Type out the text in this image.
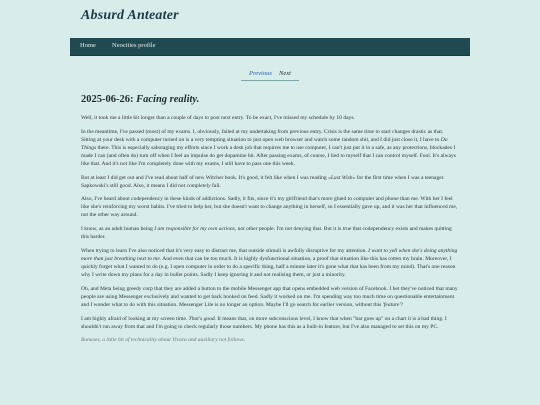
Absurd Anteater
Home Neocities profile
Previous Next
2025-06-26: Facing reality.

Well, it took me a little bit longer than a couple of days to post next entry. To be exact, I've missed my schedule by 10 days.

In the meantime, I've passed (most) of my exams. I, obviously, failed at my undertaking from previous entry. Crisis is the same time to start changes drastic as that. Sitting at your desk with a computer turned on is a very tempting situation to just open web browser and watch some random shit, and I did just close it, I have to Do Things there. This is especially sabotaging my efforts since I work a desk job that requires me to use computer, I can't just put it in a safe, as any protections, blockades I made I can (and often do) turn off when I feel an impulse do get dopamine hit. After passing exams, of course, I lied to myself that I can control myself. Fool. It's always like that. And it's not like I'm completely done with my exams, I still have to pass one this week.

But at least I did get out and I've read about half of new Witcher book. It's good, it felt like when I was reading «Last Wish» for the first time when I was a teenager. Sapkowski's still good. Also, it means I did not completely fail.

Also, I've heard about codependency in these kinds of addictions. Sadly, it fits, since it's my girlfriend that's more glued to computer and phone than me. With her I feel like she's reinforcing my worst habits. I've tried to help her, but she doesn't want to change anything in herself, so I essentially gave up, and it was her that influenced me, not the other way around.

I know, as an adult human being I am responsible for my own actions, not other people. I'm not denying that. But it is true that codependency exists and makes quitting this harder.

When trying to learn I've also noticed that it's very easy to distract me, that outside stimuli is awfully disruptive for my attention. I want to yell when she's doing anything more than just breathing next to me. And even that can be too much. It is highly dysfunctional situation, a proof that situation like this has rotten my brain. Moreover, I quickly forget what I wanted to do (e.g. I open computer in order to do a specific thing, half a minute later it's gone what that has been from my mind). That's one reason why I write down my plans for a day in bullet points. Sadly I keep ignoring it and not realising them, or just a minority.

Oh, and Meta being greedy corp that they are added a button to the mobile Messenger app that opens embedded web version of Facebook. I bet they've noticed that many people are using Messenger exclusively and wanted to get back hooked on feed. Sadly it worked on me. I'm spending way too much time on questionable entertainment and I wonder what to do with this situation. Messenger Lite is no longer an option. Maybe I'll go search for earlier version, without this 'feature'?

I am highly afraid of looking at my screen time. That's good. It means that, on more subconscious level, I know that when "bar goes up" on a chart it is a bad thing. I shouldn't run away from that and I'm going to check regularly those numbers. My phone has this as a built-in feature, but I've also managed to set this on my PC.

Bonuses, a little bit of technicality about Vivaro and auxiliary not follows.
